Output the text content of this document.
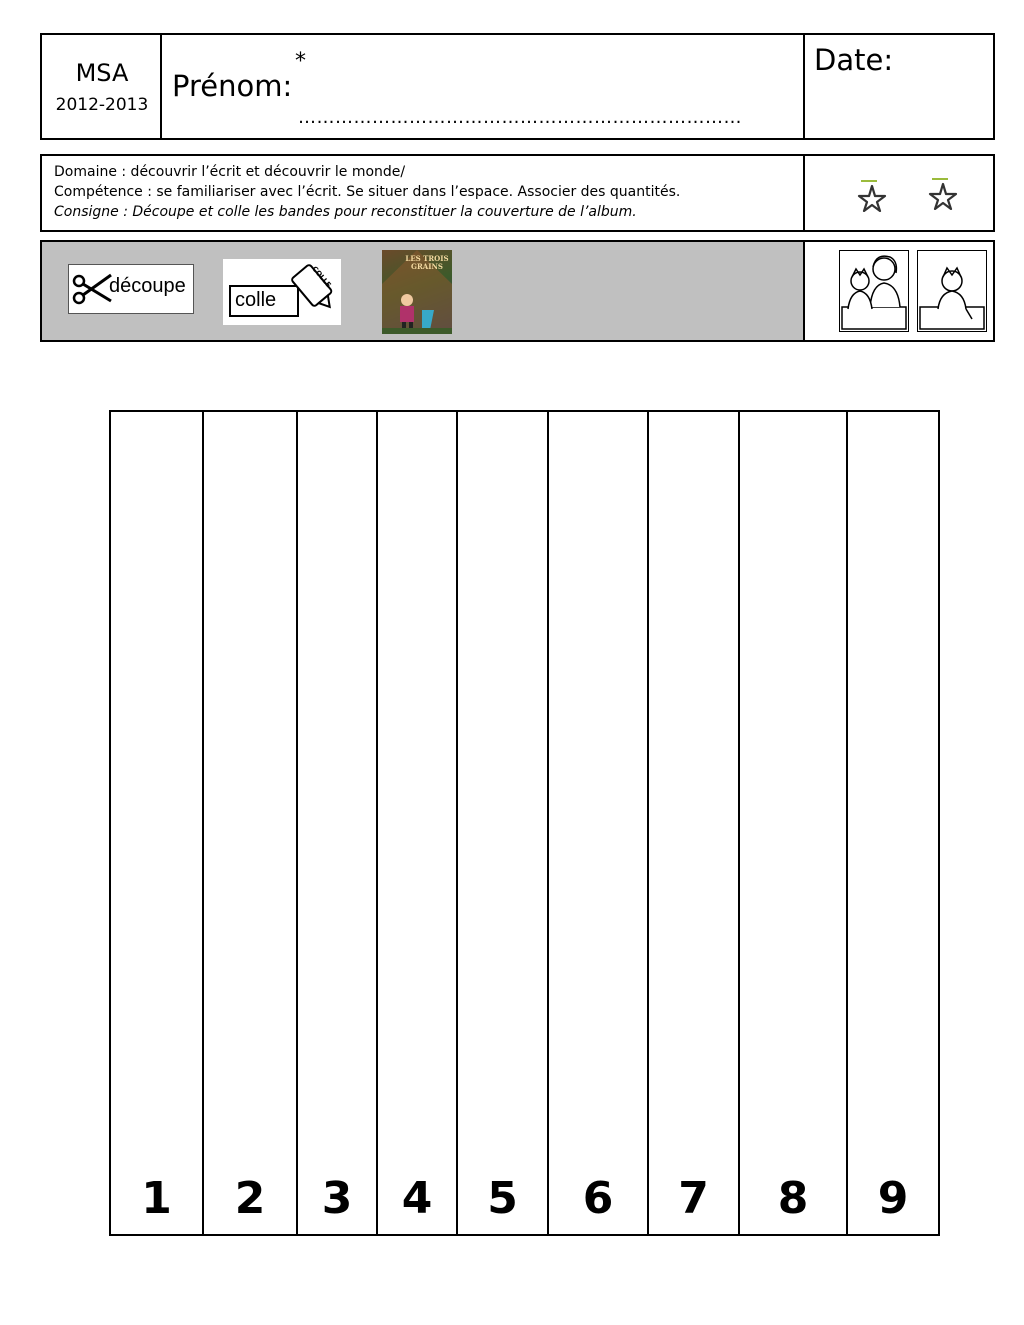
MSA
2012-2013
Prénom:
*
………………………………………………………………
Date:
Domaine : découvrir l’écrit et découvrir le monde/
Compétence : se familiariser avec l’écrit. Se situer dans l’espace. Associer des quantités.
Consigne : Découpe et colle les bandes pour reconstituer la couverture de l’album.
découpe
colle
COLLE
LES TROIS
GRAINS
1	2	3	4	5	6	7	8	9
